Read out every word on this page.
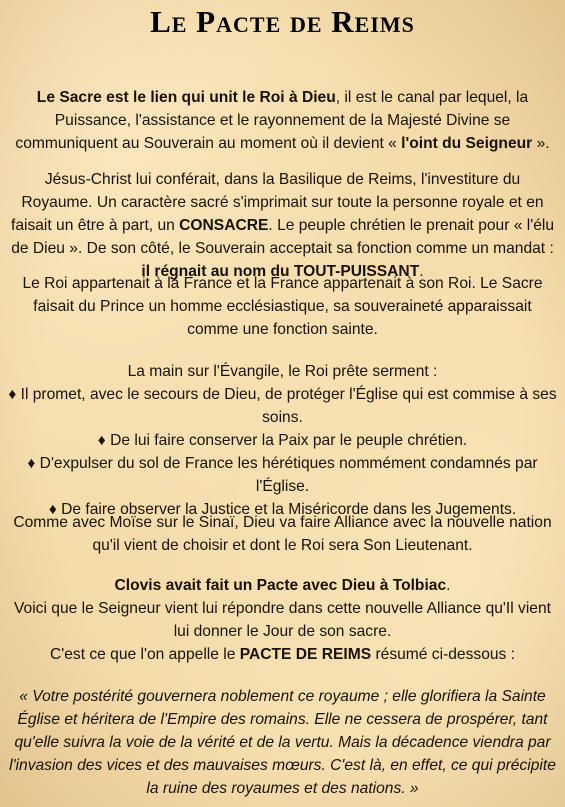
Le Pacte de Reims

Le Sacre est le lien qui unit le Roi à Dieu, il est le canal par lequel, la Puissance, l'assistance et le rayonnement de la Majesté Divine se communiquent au Souverain au moment où il devient « l'oint du Seigneur ».

Jésus-Christ lui conférait, dans la Basilique de Reims, l'investiture du Royaume. Un caractère sacré s'imprimait sur toute la personne royale et en faisait un être à part, un CONSACRE. Le peuple chrétien le prenait pour « l'élu de Dieu ». De son côté, le Souverain acceptait sa fonction comme un mandat : il régnait au nom du TOUT-PUISSANT.

Le Roi appartenait à la France et la France appartenait à son Roi. Le Sacre faisait du Prince un homme ecclésiastique, sa souveraineté apparaissait comme une fonction sainte.

La main sur l'Évangile, le Roi prête serment :

♦ Il promet, avec le secours de Dieu, de protéger l'Église qui est commise à ses soins.

♦ De lui faire conserver la Paix par le peuple chrétien.

♦ D'expulser du sol de France les hérétiques nommément condamnés par l'Église.

♦ De faire observer la Justice et la Miséricorde dans les Jugements.

Comme avec Moïse sur le Sinaï, Dieu va faire Alliance avec la nouvelle nation qu'il vient de choisir et dont le Roi sera Son Lieutenant.

Clovis avait fait un Pacte avec Dieu à Tolbiac.

Voici que le Seigneur vient lui répondre dans cette nouvelle Alliance qu'Il vient lui donner le Jour de son sacre.

C'est ce que l'on appelle le PACTE DE REIMS résumé ci-dessous :

« Votre postérité gouvernera noblement ce royaume ; elle glorifiera la Sainte Église et héritera de l'Empire des romains. Elle ne cessera de prospérer, tant qu'elle suivra la voie de la vérité et de la vertu. Mais la décadence viendra par l'invasion des vices et des mauvaises mœurs. C'est là, en effet, ce qui précipite la ruine des royaumes et des nations. »
